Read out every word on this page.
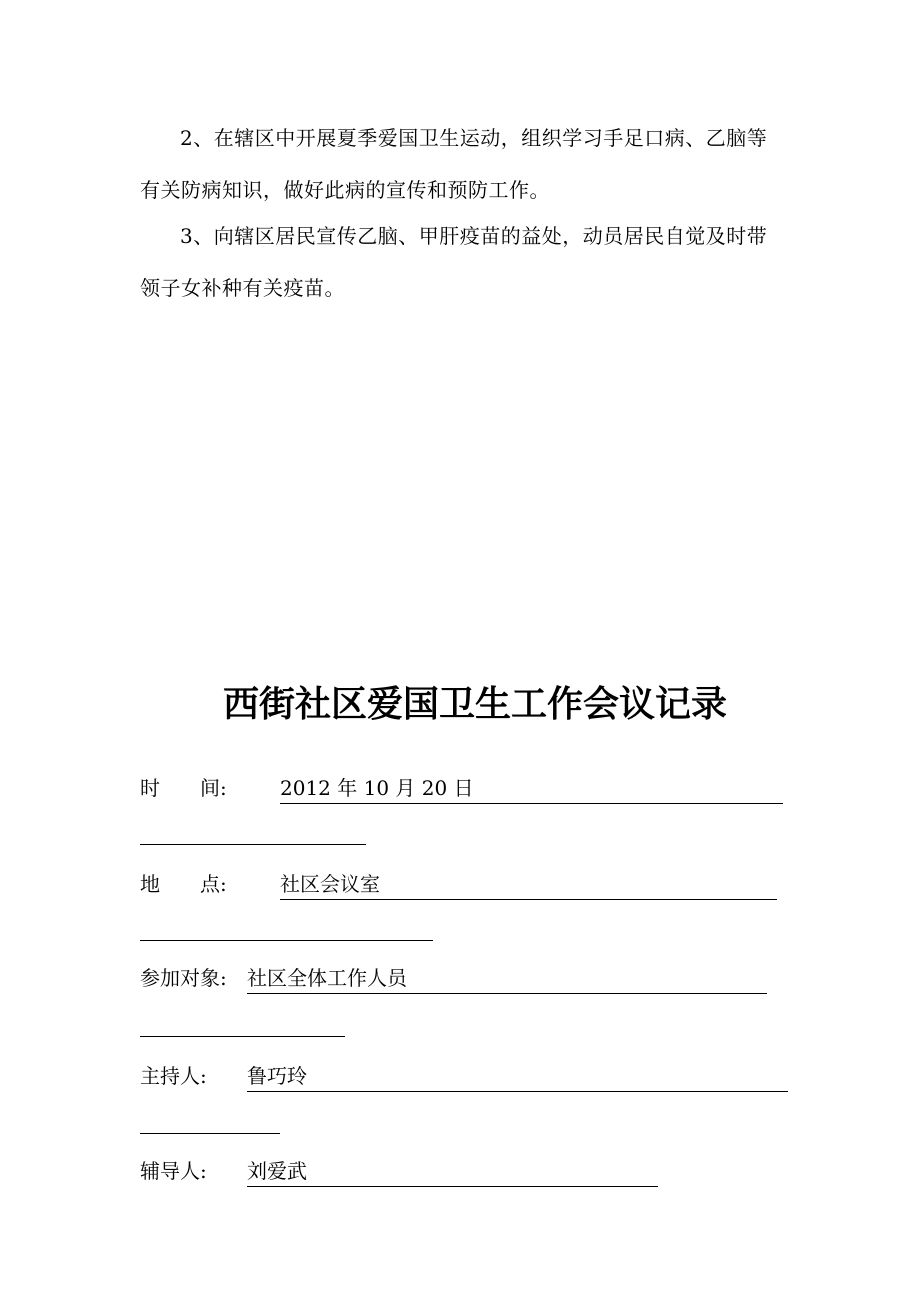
2、在辖区中开展夏季爱国卫生运动，组织学习手足口病、乙脑等有关防病知识，做好此病的宣传和预防工作。

3、向辖区居民宣传乙脑、甲肝疫苗的益处，动员居民自觉及时带领子女补种有关疫苗。

西街社区爱国卫生工作会议记录
时　　间:	2012 年 10 月 20 日
地　　点:	社区会议室
参加对象: 社区全体工作人员
主持人: 鲁巧玲
辅导人: 刘爱武
